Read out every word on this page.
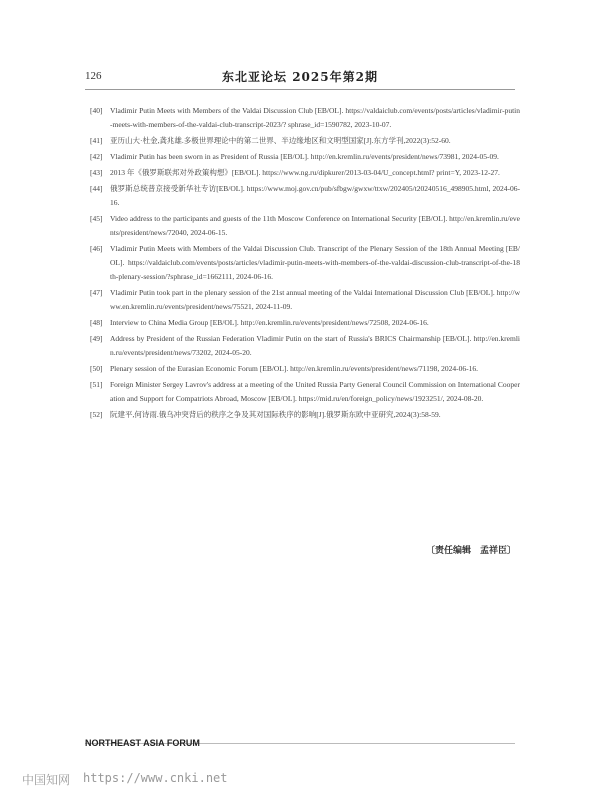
126	东北亚论坛 2025年第2期
[40]	Vladimir Putin Meets with Members of the Valdai Discussion Club [EB/OL]. https://valdaiclub.com/events/posts/articles/vladimir-putin-meets-with-members-of-the-valdai-club-transcript-2023/? sphrase_id=1590782, 2023-10-07.
[41]	亚历山大·杜金,龚兆雄.多极世界理论中的第二世界、半边缘地区和文明型国家[J].东方学刊,2022(3):52-60.
[42]	Vladimir Putin has been sworn in as President of Russia [EB/OL]. http://en.kremlin.ru/events/president/news/73981, 2024-05-09.
[43]	2013 年《俄罗斯联邦对外政策构想》[EB/OL]. https://www.ng.ru/dipkurer/2013-03-04/U_concept.html? print=Y, 2023-12-27.
[44]	俄罗斯总统普京接受新华社专访[EB/OL]. https://www.moj.gov.cn/pub/sfbgw/gwxw/ttxw/202405/t20240516_498905.html, 2024-06-16.
[45]	Video address to the participants and guests of the 11th Moscow Conference on International Security [EB/OL]. http://en.kremlin.ru/events/president/news/72040, 2024-06-15.
[46]	Vladimir Putin Meets with Members of the Valdai Discussion Club. Transcript of the Plenary Session of the 18th Annual Meeting [EB/OL]. https://valdaiclub.com/events/posts/articles/vladimir-putin-meets-with-members-of-the-valdai-discussion-club-transcript-of-the-18th-plenary-session/?sphrase_id=1662111, 2024-06-16.
[47]	Vladimir Putin took part in the plenary session of the 21st annual meeting of the Valdai International Discussion Club [EB/OL]. http://www.en.kremlin.ru/events/president/news/75521, 2024-11-09.
[48]	Interview to China Media Group [EB/OL]. http://en.kremlin.ru/events/president/news/72508, 2024-06-16.
[49]	Address by President of the Russian Federation Vladimir Putin on the start of Russia's BRICS Chairmanship [EB/OL]. http://en.kremlin.ru/events/president/news/73202, 2024-05-20.
[50]	Plenary session of the Eurasian Economic Forum [EB/OL]. http://en.kremlin.ru/events/president/news/71198, 2024-06-16.
[51]	Foreign Minister Sergey Lavrov's address at a meeting of the United Russia Party General Council Commission on International Cooperation and Support for Compatriots Abroad, Moscow [EB/OL]. https://mid.ru/en/foreign_policy/news/1923251/, 2024-08-20.
[52]	阮建平,何诗雨.俄乌冲突背后的秩序之争及其对国际秩序的影响[J].俄罗斯东欧中亚研究,2024(3):58-59.
〔责任编辑　孟祥臣〕
NORTHEAST ASIA FORUM
中国知网 https://www.cnki.net
